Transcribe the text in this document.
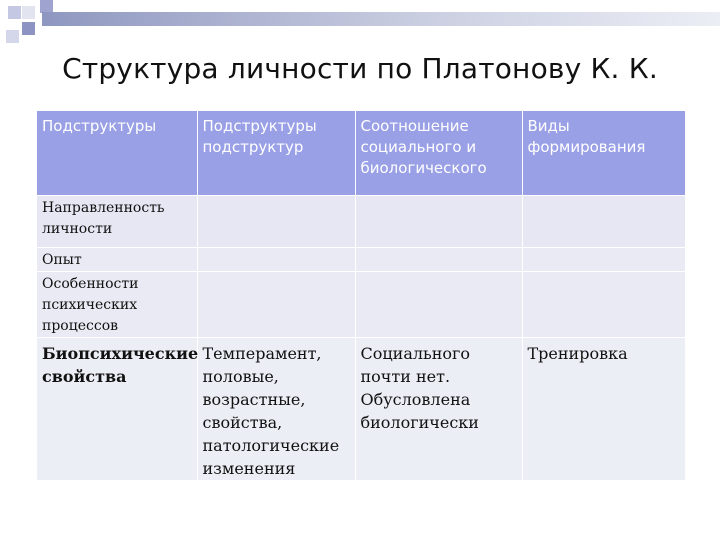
Структура личности по Платонову К. К.
Подструктуры	Подструктуры подструктур	Соотношение социального и биологического	Виды формирования
Направленность личности			
Опыт			
Особенности психических процессов			
Биопсихические свойства	Темперамент, половые, возрастные, свойства, патологические изменения	Социального почти нет. Обусловлена биологически	Тренировка
